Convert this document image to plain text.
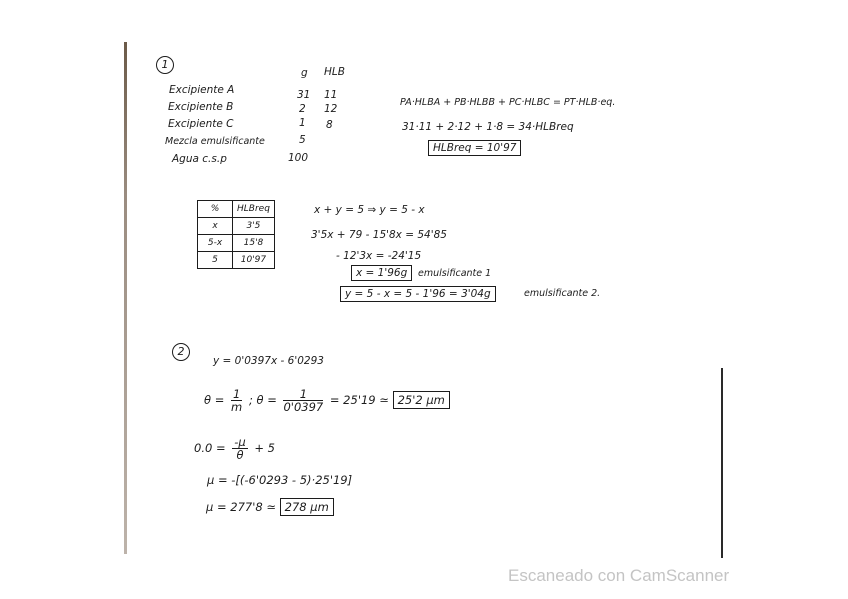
1
g HLB
Excipiente A	31 11
Excipiente B	2 12
Excipiente C	1 8
Mezcla emulsificante	5
Agua c.s.p	100
PA·HLBA + PB·HLBB + PC·HLBC = PT·HLB·eq.
31·11 + 2·12 + 1·8 = 34·HLBreq
HLBreq = 10'97
%	HLBreq
x	3'5
5-x	15'8
5	10'97
x + y = 5 ⇒ y = 5 - x
3'5x + 79 - 15'8x = 54'85
- 12'3x = -24'15
x = 1'96g	emulsificante 1
y = 5 - x = 5 - 1'96 = 3'04g	emulsificante 2.
2
y = 0'0397x - 6'0293
$\theta = \frac{1}{m}$ ; $\theta = \frac{1}{0'0397} = 25'19$ ≃ 25'2 µm
$0.0 = \frac{\text{-µ}}{\theta} + 5$
µ = -[(-6'0293 - 5)·25'19]
µ = 277'8 ≃ 278 µm
Escaneado con CamScanner
